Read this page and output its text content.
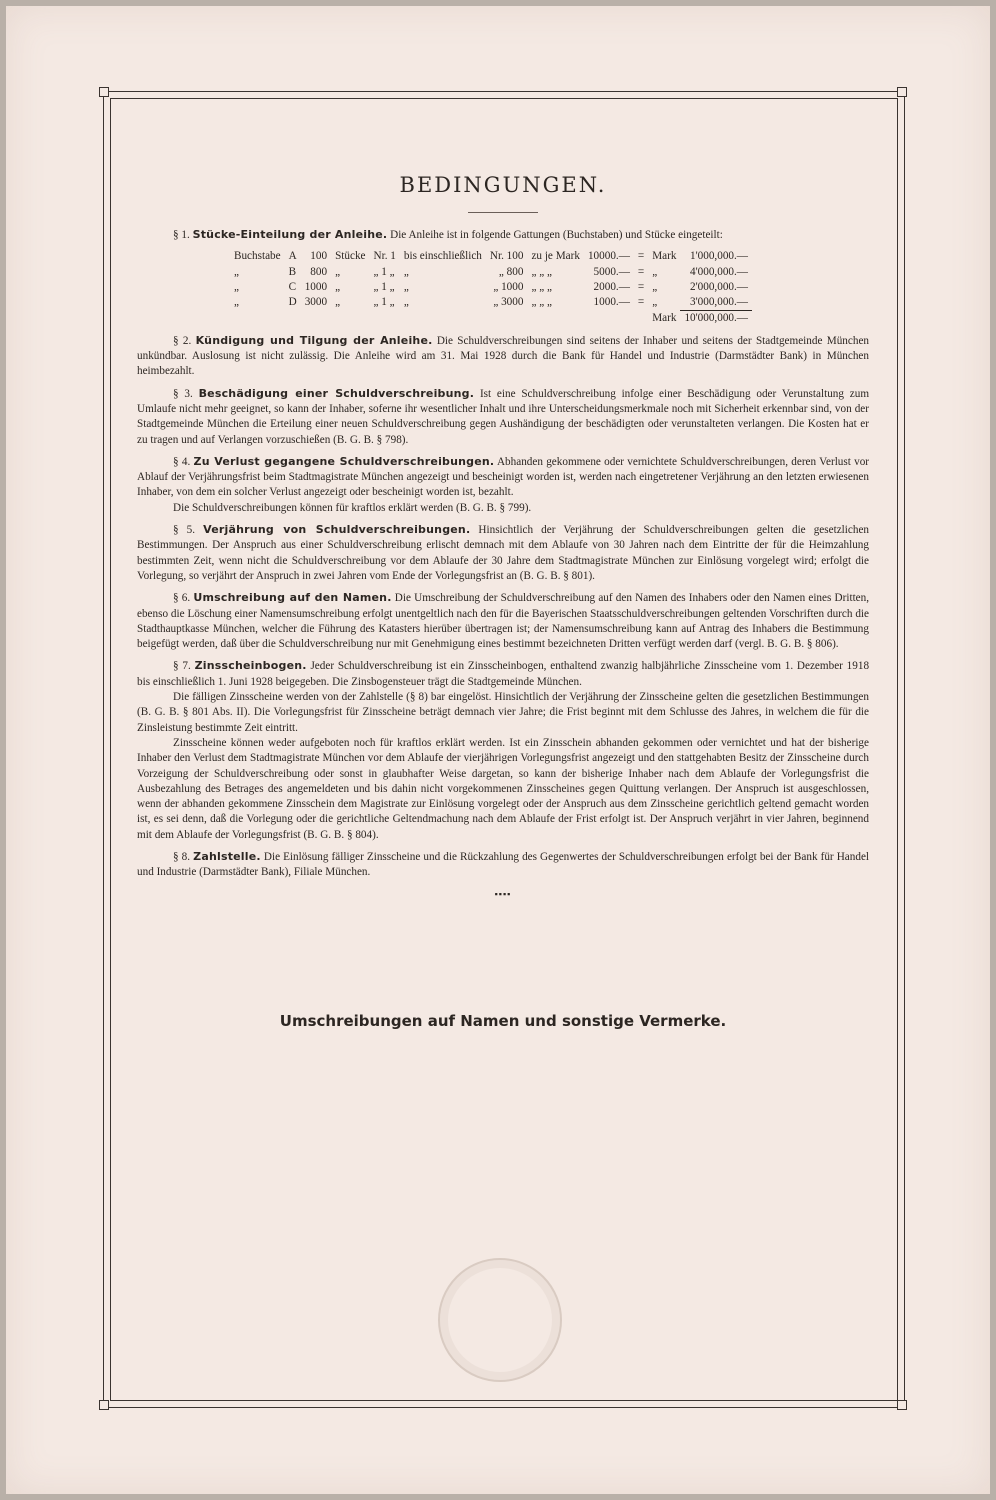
BEDINGUNGEN.

§ 1. Stücke-Einteilung der Anleihe. Die Anleihe ist in folgende Gattungen (Buchstaben) und Stücke eingeteilt:

Buchstabe	A	100	Stücke	Nr. 1	bis einschließlich	Nr. 100	zu je Mark	10000.—	=	Mark	1'000,000.—
„	B	800	„	„ 1 „	„	„ 800	„ „ „	5000.—	=	„	4'000,000.—
„	C	1000	„	„ 1 „	„	„ 1000	„ „ „	2000.—	=	„	2'000,000.—
„	D	3000	„	„ 1 „	„	„ 3000	„ „ „	1000.—	=	„	3'000,000.—
										Mark	10'000,000.—

§ 2. Kündigung und Tilgung der Anleihe. Die Schuldverschreibungen sind seitens der Inhaber und seitens der Stadtgemeinde München unkündbar. Auslosung ist nicht zulässig. Die Anleihe wird am 31. Mai 1928 durch die Bank für Handel und Industrie (Darmstädter Bank) in München heimbezahlt.

§ 3. Beschädigung einer Schuldverschreibung. Ist eine Schuldverschreibung infolge einer Beschädigung oder Verunstaltung zum Umlaufe nicht mehr geeignet, so kann der Inhaber, soferne ihr wesentlicher Inhalt und ihre Unterscheidungsmerkmale noch mit Sicherheit erkennbar sind, von der Stadtgemeinde München die Erteilung einer neuen Schuldverschreibung gegen Aushändigung der beschädigten oder verunstalteten verlangen. Die Kosten hat er zu tragen und auf Verlangen vorzuschießen (B. G. B. § 798).

§ 4. Zu Verlust gegangene Schuldverschreibungen. Abhanden gekommene oder vernichtete Schuldverschreibungen, deren Verlust vor Ablauf der Verjährungsfrist beim Stadtmagistrate München angezeigt und bescheinigt worden ist, werden nach eingetretener Verjährung an den letzten erwiesenen Inhaber, von dem ein solcher Verlust angezeigt oder bescheinigt worden ist, bezahlt.

Die Schuldverschreibungen können für kraftlos erklärt werden (B. G. B. § 799).

§ 5. Verjährung von Schuldverschreibungen. Hinsichtlich der Verjährung der Schuldverschreibungen gelten die gesetzlichen Bestimmungen. Der Anspruch aus einer Schuldverschreibung erlischt demnach mit dem Ablaufe von 30 Jahren nach dem Eintritte der für die Heimzahlung bestimmten Zeit, wenn nicht die Schuldverschreibung vor dem Ablaufe der 30 Jahre dem Stadtmagistrate München zur Einlösung vorgelegt wird; erfolgt die Vorlegung, so verjährt der Anspruch in zwei Jahren vom Ende der Vorlegungsfrist an (B. G. B. § 801).

§ 6. Umschreibung auf den Namen. Die Umschreibung der Schuldverschreibung auf den Namen des Inhabers oder den Namen eines Dritten, ebenso die Löschung einer Namensumschreibung erfolgt unentgeltlich nach den für die Bayerischen Staatsschuldverschreibungen geltenden Vorschriften durch die Stadthauptkasse München, welcher die Führung des Katasters hierüber übertragen ist; der Namensumschreibung kann auf Antrag des Inhabers die Bestimmung beigefügt werden, daß über die Schuldverschreibung nur mit Genehmigung eines bestimmt bezeichneten Dritten verfügt werden darf (vergl. B. G. B. § 806).

§ 7. Zinsscheinbogen. Jeder Schuldverschreibung ist ein Zinsscheinbogen, enthaltend zwanzig halbjährliche Zinsscheine vom 1. Dezember 1918 bis einschließlich 1. Juni 1928 beigegeben. Die Zinsbogensteuer trägt die Stadtgemeinde München.

Die fälligen Zinsscheine werden von der Zahlstelle (§ 8) bar eingelöst. Hinsichtlich der Verjährung der Zinsscheine gelten die gesetzlichen Bestimmungen (B. G. B. § 801 Abs. II). Die Vorlegungsfrist für Zinsscheine beträgt demnach vier Jahre; die Frist beginnt mit dem Schlusse des Jahres, in welchem die für die Zinsleistung bestimmte Zeit eintritt.

Zinsscheine können weder aufgeboten noch für kraftlos erklärt werden. Ist ein Zinsschein abhanden gekommen oder vernichtet und hat der bisherige Inhaber den Verlust dem Stadtmagistrate München vor dem Ablaufe der vierjährigen Vorlegungsfrist angezeigt und den stattgehabten Besitz der Zinsscheine durch Vorzeigung der Schuldverschreibung oder sonst in glaubhafter Weise dargetan, so kann der bisherige Inhaber nach dem Ablaufe der Vorlegungsfrist die Ausbezahlung des Betrages des angemeldeten und bis dahin nicht vorgekommenen Zinsscheines gegen Quittung verlangen. Der Anspruch ist ausgeschlossen, wenn der abhanden gekommene Zinsschein dem Magistrate zur Einlösung vorgelegt oder der Anspruch aus dem Zinsscheine gerichtlich geltend gemacht worden ist, es sei denn, daß die Vorlegung oder die gerichtliche Geltendmachung nach dem Ablaufe der Frist erfolgt ist. Der Anspruch verjährt in vier Jahren, beginnend mit dem Ablaufe der Vorlegungsfrist (B. G. B. § 804).

§ 8. Zahlstelle. Die Einlösung fälliger Zinsscheine und die Rückzahlung des Gegenwertes der Schuldverschreibungen erfolgt bei der Bank für Handel und Industrie (Darmstädter Bank), Filiale München.

▪▪▪▪
Umschreibungen auf Namen und sonstige Vermerke.
